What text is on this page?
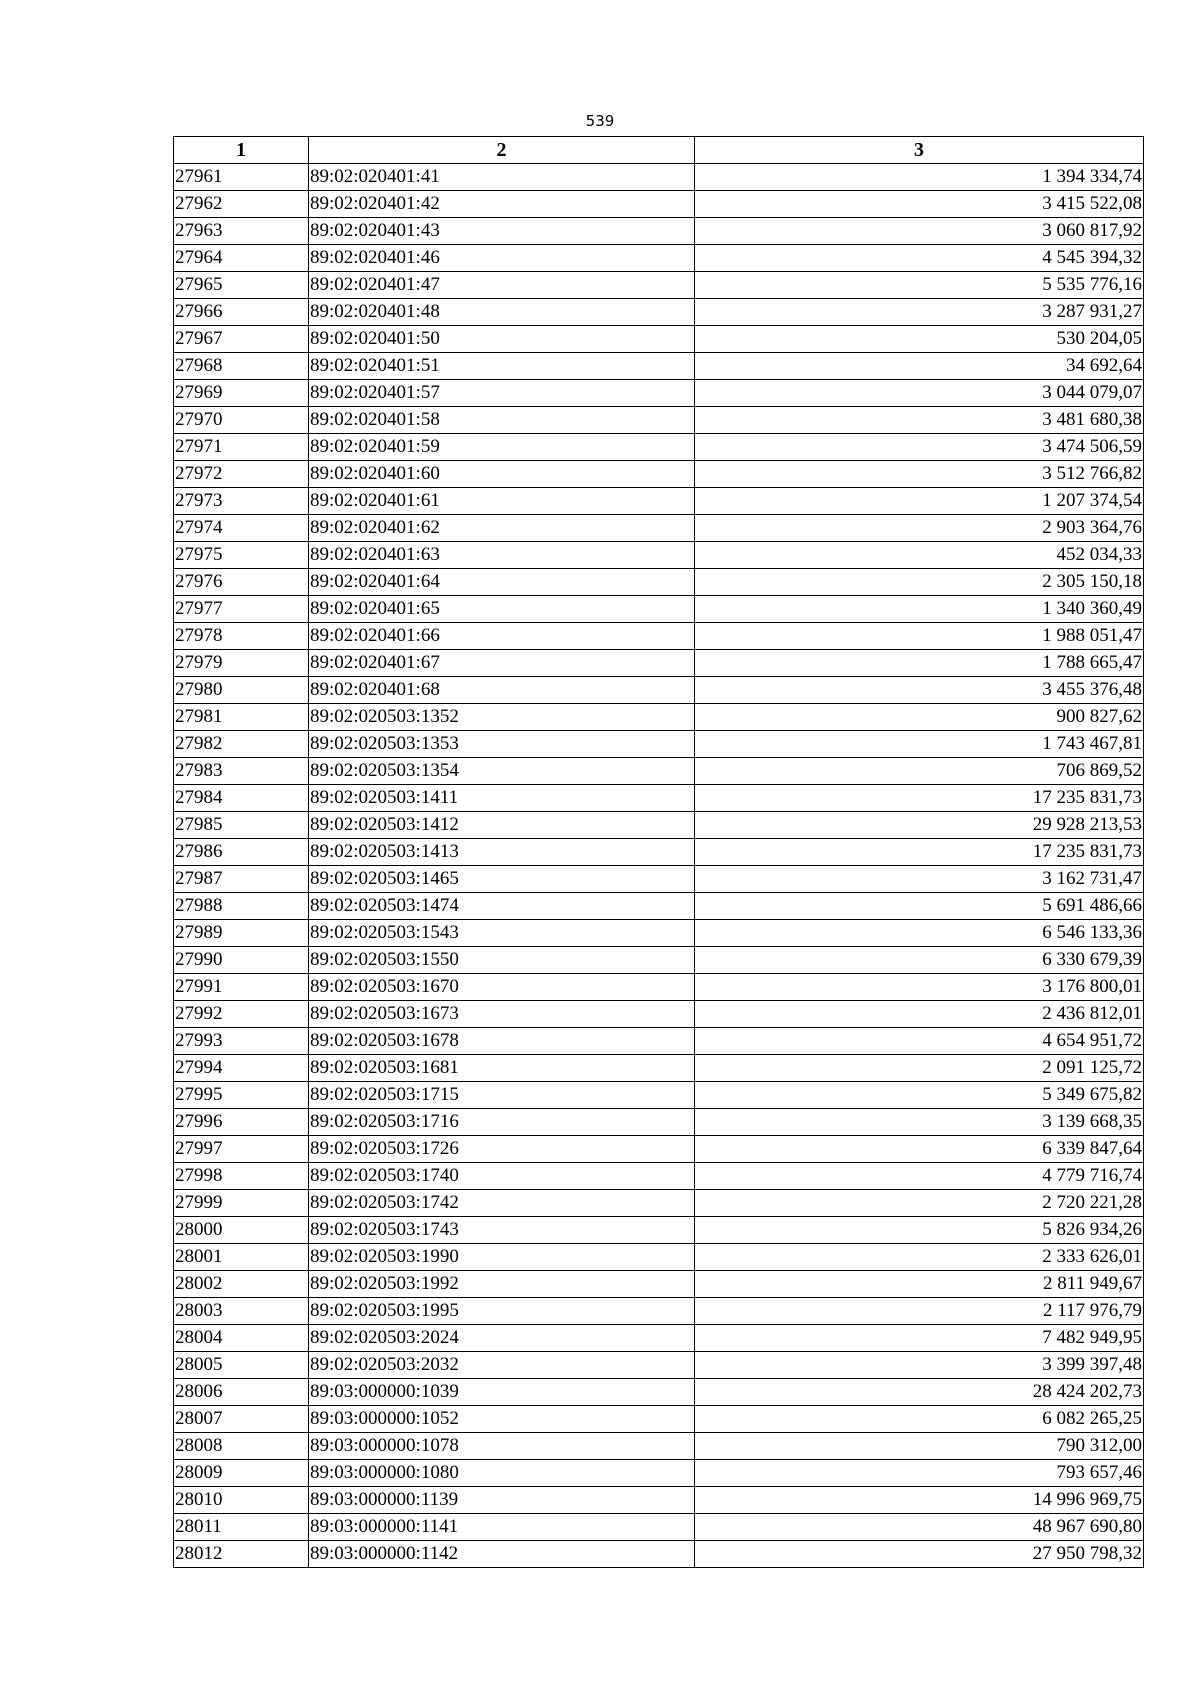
539
1	2	3
27961	89:02:020401:41	1 394 334,74
27962	89:02:020401:42	3 415 522,08
27963	89:02:020401:43	3 060 817,92
27964	89:02:020401:46	4 545 394,32
27965	89:02:020401:47	5 535 776,16
27966	89:02:020401:48	3 287 931,27
27967	89:02:020401:50	530 204,05
27968	89:02:020401:51	34 692,64
27969	89:02:020401:57	3 044 079,07
27970	89:02:020401:58	3 481 680,38
27971	89:02:020401:59	3 474 506,59
27972	89:02:020401:60	3 512 766,82
27973	89:02:020401:61	1 207 374,54
27974	89:02:020401:62	2 903 364,76
27975	89:02:020401:63	452 034,33
27976	89:02:020401:64	2 305 150,18
27977	89:02:020401:65	1 340 360,49
27978	89:02:020401:66	1 988 051,47
27979	89:02:020401:67	1 788 665,47
27980	89:02:020401:68	3 455 376,48
27981	89:02:020503:1352	900 827,62
27982	89:02:020503:1353	1 743 467,81
27983	89:02:020503:1354	706 869,52
27984	89:02:020503:1411	17 235 831,73
27985	89:02:020503:1412	29 928 213,53
27986	89:02:020503:1413	17 235 831,73
27987	89:02:020503:1465	3 162 731,47
27988	89:02:020503:1474	5 691 486,66
27989	89:02:020503:1543	6 546 133,36
27990	89:02:020503:1550	6 330 679,39
27991	89:02:020503:1670	3 176 800,01
27992	89:02:020503:1673	2 436 812,01
27993	89:02:020503:1678	4 654 951,72
27994	89:02:020503:1681	2 091 125,72
27995	89:02:020503:1715	5 349 675,82
27996	89:02:020503:1716	3 139 668,35
27997	89:02:020503:1726	6 339 847,64
27998	89:02:020503:1740	4 779 716,74
27999	89:02:020503:1742	2 720 221,28
28000	89:02:020503:1743	5 826 934,26
28001	89:02:020503:1990	2 333 626,01
28002	89:02:020503:1992	2 811 949,67
28003	89:02:020503:1995	2 117 976,79
28004	89:02:020503:2024	7 482 949,95
28005	89:02:020503:2032	3 399 397,48
28006	89:03:000000:1039	28 424 202,73
28007	89:03:000000:1052	6 082 265,25
28008	89:03:000000:1078	790 312,00
28009	89:03:000000:1080	793 657,46
28010	89:03:000000:1139	14 996 969,75
28011	89:03:000000:1141	48 967 690,80
28012	89:03:000000:1142	27 950 798,32
